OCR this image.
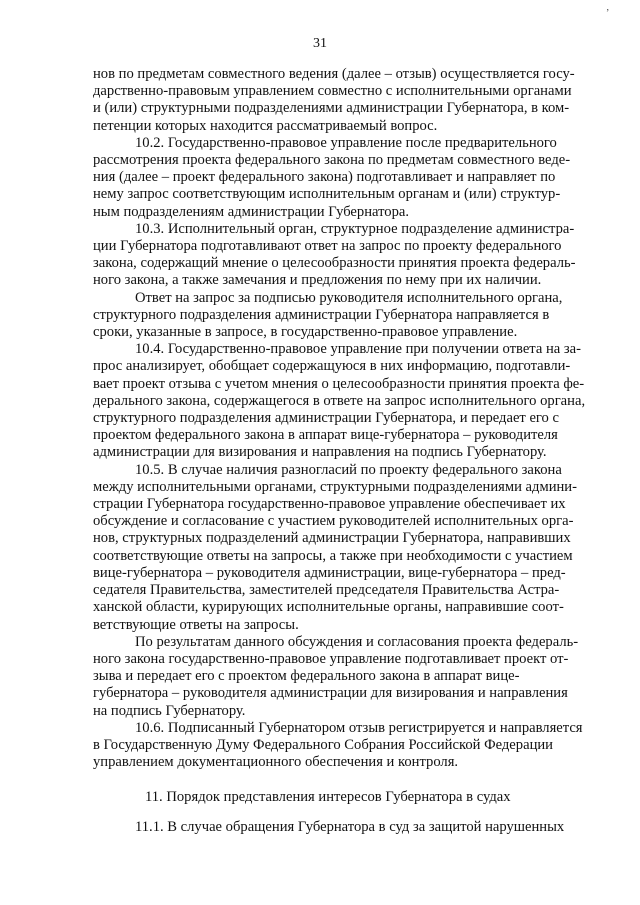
ʼ
31
нов по предметам совместного ведения (далее – отзыв) осуществляется госу-
дарственно-правовым управлением совместно с исполнительными органами
и (или) структурными подразделениями администрации Губернатора, в ком-
петенции которых находится рассматриваемый вопрос.
10.2. Государственно-правовое управление после предварительного
рассмотрения проекта федерального закона по предметам совместного веде-
ния (далее – проект федерального закона) подготавливает и направляет по
нему запрос соответствующим исполнительным органам и (или) структур-
ным подразделениям администрации Губернатора.
10.3. Исполнительный орган, структурное подразделение администра-
ции Губернатора подготавливают ответ на запрос по проекту федерального
закона, содержащий мнение о целесообразности принятия проекта федераль-
ного закона, а также замечания и предложения по нему при их наличии.
Ответ на запрос за подписью руководителя исполнительного органа,
структурного подразделения администрации Губернатора направляется в
сроки, указанные в запросе, в государственно-правовое управление.
10.4. Государственно-правовое управление при получении ответа на за-
прос анализирует, обобщает содержащуюся в них информацию, подготавли-
вает проект отзыва с учетом мнения о целесообразности принятия проекта фе-
дерального закона, содержащегося в ответе на запрос исполнительного органа,
структурного подразделения администрации Губернатора, и передает его с
проектом федерального закона в аппарат вице-губернатора – руководителя
администрации для визирования и направления на подпись Губернатору.
10.5. В случае наличия разногласий по проекту федерального закона
между исполнительными органами, структурными подразделениями админи-
страции Губернатора государственно-правовое управление обеспечивает их
обсуждение и согласование с участием руководителей исполнительных орга-
нов, структурных подразделений администрации Губернатора, направивших
соответствующие ответы на запросы, а также при необходимости с участием
вице-губернатора – руководителя администрации, вице-губернатора – пред-
седателя Правительства, заместителей председателя Правительства Астра-
ханской области, курирующих исполнительные органы, направившие соот-
ветствующие ответы на запросы.
По результатам данного обсуждения и согласования проекта федераль-
ного закона государственно-правовое управление подготавливает проект от-
зыва и передает его с проектом федерального закона в аппарат вице-
губернатора – руководителя администрации для визирования и направления
на подпись Губернатору.
10.6. Подписанный Губернатором отзыв регистрируется и направляется
в Государственную Думу Федерального Собрания Российской Федерации
управлением документационного обеспечения и контроля.
11. Порядок представления интересов Губернатора в судах
11.1. В случае обращения Губернатора в суд за защитой нарушенных
